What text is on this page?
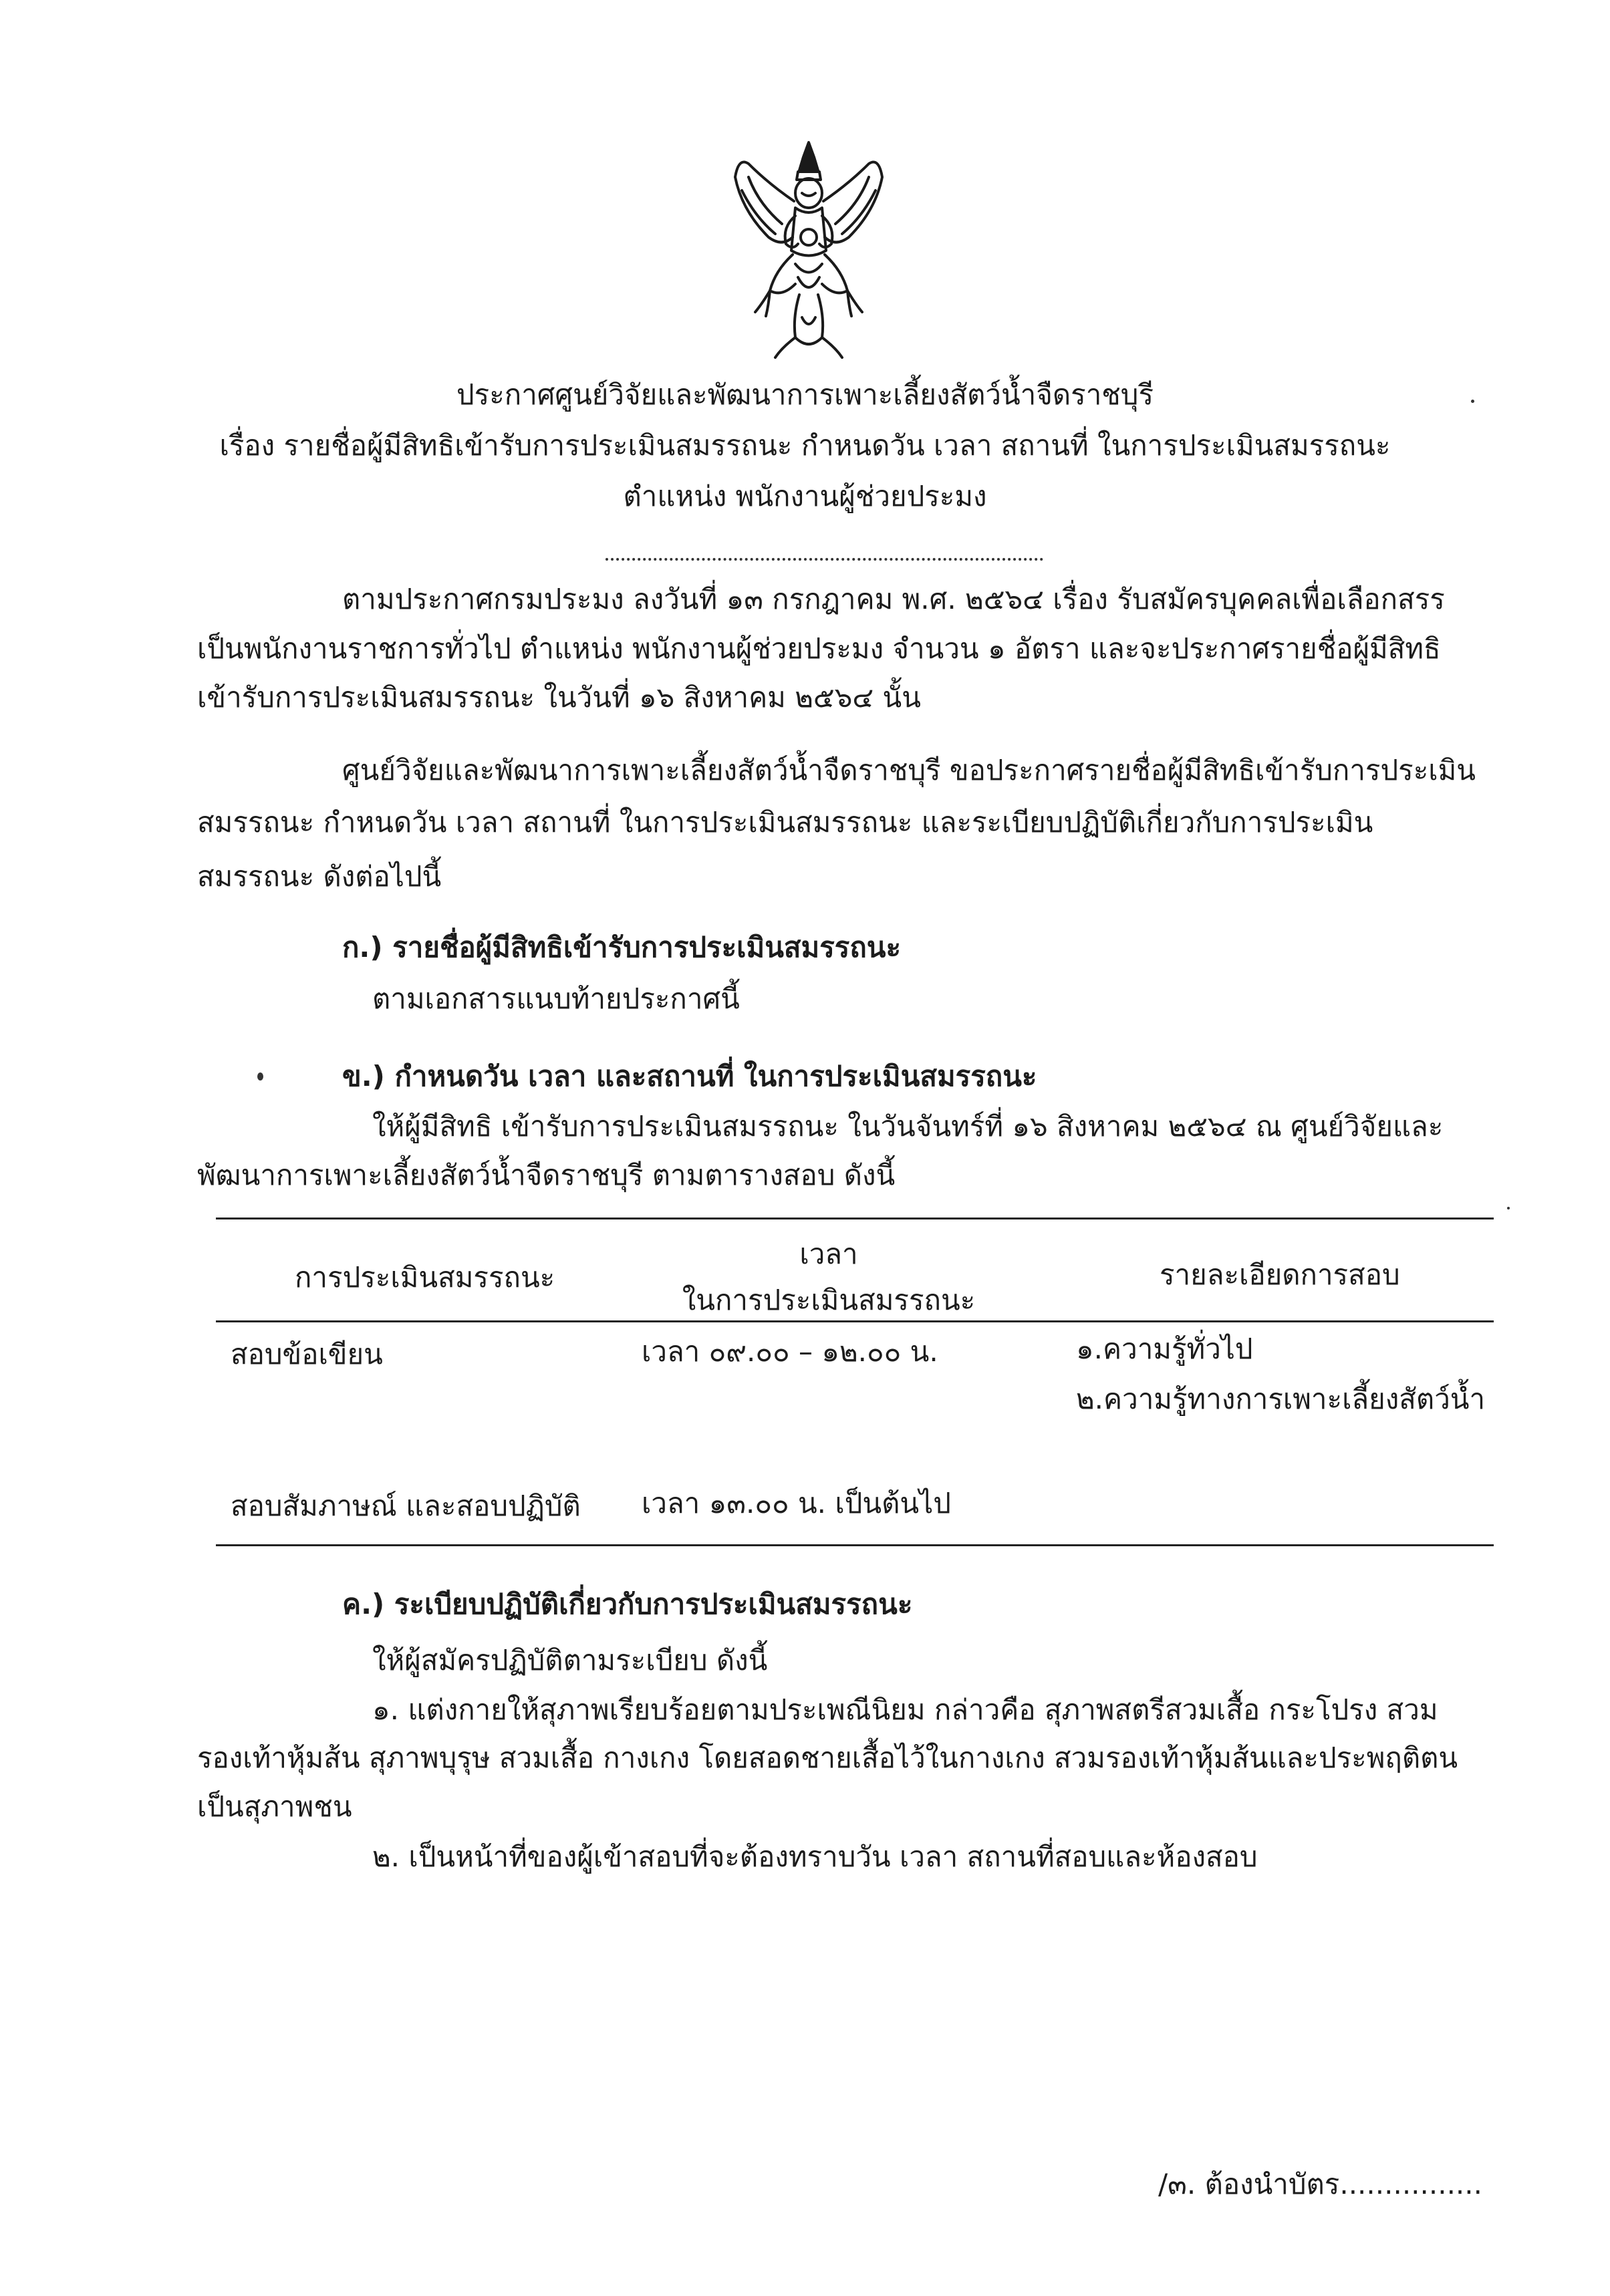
ประกาศศูนย์วิจัยและพัฒนาการเพาะเลี้ยงสัตว์น้ำจืดราชบุรี
เรื่อง รายชื่อผู้มีสิทธิเข้ารับการประเมินสมรรถนะ กำหนดวัน เวลา สถานที่ ในการประเมินสมรรถนะ
ตำแหน่ง พนักงานผู้ช่วยประมง
ตามประกาศกรมประมง ลงวันที่ ๑๓ กรกฎาคม พ.ศ. ๒๕๖๔ เรื่อง รับสมัครบุคคลเพื่อเลือกสรร
เป็นพนักงานราชการทั่วไป ตำแหน่ง พนักงานผู้ช่วยประมง จำนวน ๑ อัตรา และจะประกาศรายชื่อผู้มีสิทธิ
เข้ารับการประเมินสมรรถนะ ในวันที่ ๑๖ สิงหาคม ๒๕๖๔ นั้น
ศูนย์วิจัยและพัฒนาการเพาะเลี้ยงสัตว์น้ำจืดราชบุรี ขอประกาศรายชื่อผู้มีสิทธิเข้ารับการประเมิน
สมรรถนะ กำหนดวัน เวลา สถานที่ ในการประเมินสมรรถนะ และระเบียบปฏิบัติเกี่ยวกับการประเมิน
สมรรถนะ ดังต่อไปนี้
ก.) รายชื่อผู้มีสิทธิเข้ารับการประเมินสมรรถนะ
ตามเอกสารแนบท้ายประกาศนี้
ข.) กำหนดวัน เวลา และสถานที่ ในการประเมินสมรรถนะ
ให้ผู้มีสิทธิ เข้ารับการประเมินสมรรถนะ ในวันจันทร์ที่ ๑๖ สิงหาคม ๒๕๖๔ ณ ศูนย์วิจัยและ
พัฒนาการเพาะเลี้ยงสัตว์น้ำจืดราชบุรี ตามตารางสอบ ดังนี้
การประเมินสมรรถนะ
เวลา
ในการประเมินสมรรถนะ
รายละเอียดการสอบ
สอบข้อเขียน	เวลา ๐๙.๐๐ – ๑๒.๐๐ น.	๑.ความรู้ทั่วไป
๒.ความรู้ทางการเพาะเลี้ยงสัตว์น้ำ
สอบสัมภาษณ์ และสอบปฏิบัติ เวลา ๑๓.๐๐ น. เป็นต้นไป
ค.) ระเบียบปฏิบัติเกี่ยวกับการประเมินสมรรถนะ
ให้ผู้สมัครปฏิบัติตามระเบียบ ดังนี้
๑. แต่งกายให้สุภาพเรียบร้อยตามประเพณีนิยม กล่าวคือ สุภาพสตรีสวมเสื้อ กระโปรง สวม
รองเท้าหุ้มส้น สุภาพบุรุษ สวมเสื้อ กางเกง โดยสอดชายเสื้อไว้ในกางเกง สวมรองเท้าหุ้มส้นและประพฤติตน
เป็นสุภาพชน
๒. เป็นหน้าที่ของผู้เข้าสอบที่จะต้องทราบวัน เวลา สถานที่สอบและห้องสอบ
/๓. ต้องนำบัตร................
